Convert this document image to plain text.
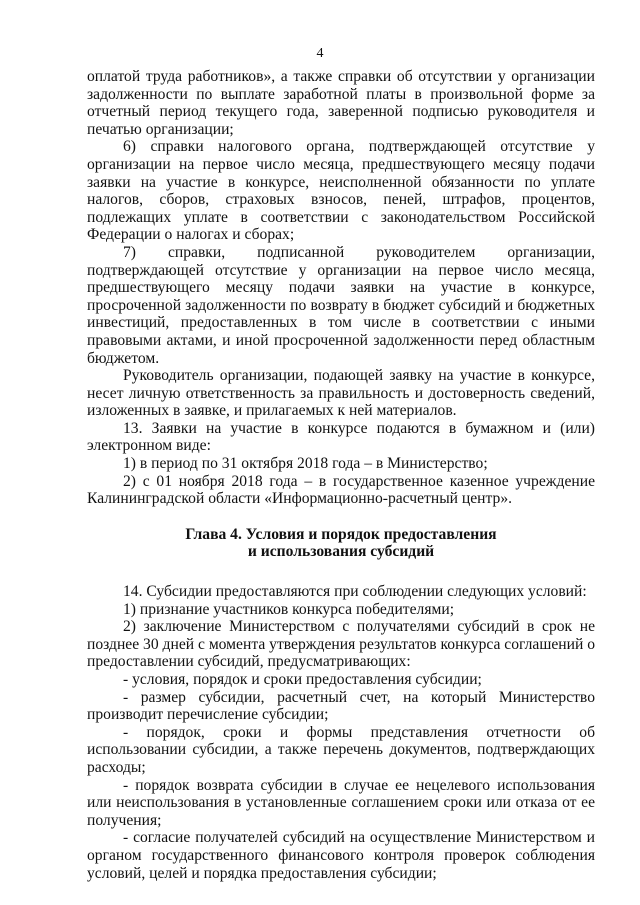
4

оплатой труда работников», а также справки об отсутствии у организации задолженности по выплате заработной платы в произвольной форме за отчетный период текущего года, заверенной подписью руководителя и печатью организации;

6) справки налогового органа, подтверждающей отсутствие у организации на первое число месяца, предшествующего месяцу подачи заявки на участие в конкурсе, неисполненной обязанности по уплате налогов, сборов, страховых взносов, пеней, штрафов, процентов, подлежащих уплате в соответствии с законодательством Российской Федерации о налогах и сборах;

7) справки, подписанной руководителем организации, подтверждающей отсутствие у организации на первое число месяца, предшествующего месяцу подачи заявки на участие в конкурсе, просроченной задолженности по возврату в бюджет субсидий и бюджетных инвестиций, предоставленных в том числе в соответствии с иными правовыми актами, и иной просроченной задолженности перед областным бюджетом.

Руководитель организации, подающей заявку на участие в конкурсе, несет личную ответственность за правильность и достоверность сведений, изложенных в заявке, и прилагаемых к ней материалов.

13. Заявки на участие в конкурсе подаются в бумажном и (или) электронном виде:

1) в период по 31 октября 2018 года – в Министерство;

2) с 01 ноября 2018 года – в государственное казенное учреждение Калининградской области «Информационно-расчетный центр».

Глава 4. Условия и порядок предоставления
и использования субсидий

14. Субсидии предоставляются при соблюдении следующих условий:

1) признание участников конкурса победителями;

2) заключение Министерством с получателями субсидий в срок не позднее 30 дней с момента утверждения результатов конкурса соглашений о предоставлении субсидий, предусматривающих:

- условия, порядок и сроки предоставления субсидии;

- размер субсидии, расчетный счет, на который Министерство производит перечисление субсидии;

- порядок, сроки и формы представления отчетности об использовании субсидии, а также перечень документов, подтверждающих расходы;

- порядок возврата субсидии в случае ее нецелевого использования или неиспользования в установленные соглашением сроки или отказа от ее получения;

- согласие получателей субсидий на осуществление Министерством и органом государственного финансового контроля проверок соблюдения условий, целей и порядка предоставления субсидии;
